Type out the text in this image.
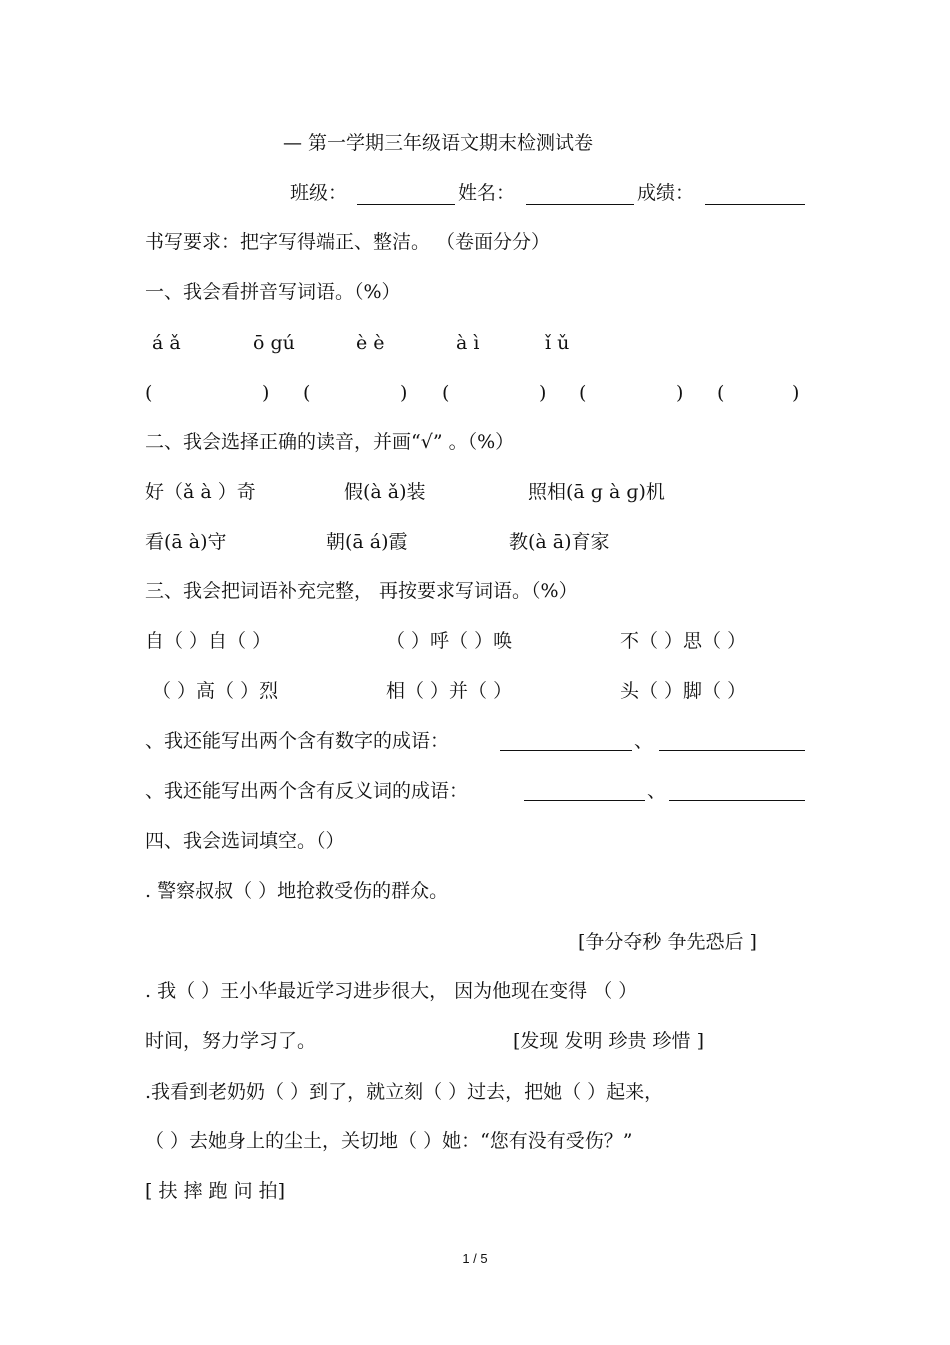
— 第一学期三年级语文期末检测试卷
班级：	姓名：	成绩：
书写要求：把字写得端正、整洁。 （卷面分分）
一、我会看拼音写词语。（%）
á ǎ	ō gú	è è	à ì	ǐ ǔ
(	) (	) (	) (	) (	)
二、我会选择正确的读音，并画“√” 。（%）
好（ǎ à ）奇	假(à ǎ)装	照相(ā ɡ à ɡ)机
看(ā à)守	朝(ā á)霞	教(à ā)育家
三、我会把词语补充完整， 再按要求写词语。（%）
自（ ）自（ ）	（ ）呼（ ）唤	不（ ）思（ ）
（ ）高（ ）烈	相（ ）并（ ）	头（ ）脚（ ）
、我还能写出两个含有数字的成语：	、
、我还能写出两个含有反义词的成语：	、
四、我会选词填空。（）
. 警察叔叔（ ）地抢救受伤的群众。
[争分夺秒 争先恐后 ]
. 我（ ）王小华最近学习进步很大， 因为他现在变得 （ ）
时间，努力学习了。	[发现 发明 珍贵 珍惜 ]
.我看到老奶奶（ ）到了，就立刻（ ）过去，把她（ ）起来，
（ ）去她身上的尘土，关切地（ ）她：“您有没有受伤？”
[ 扶 摔 跑 问 拍]
1 / 5
